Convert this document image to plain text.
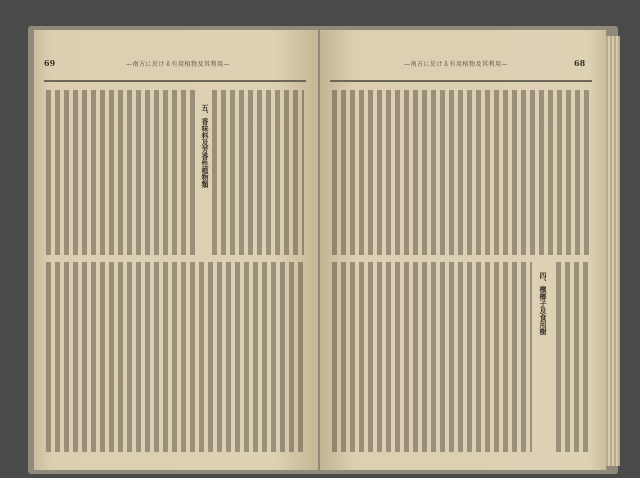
69	—南方に於ける有用植物及其利用—
五、香味料及芳香性植物類
68
—南方に於ける有用植物及其利用—
四、檳榔子及食用樹
